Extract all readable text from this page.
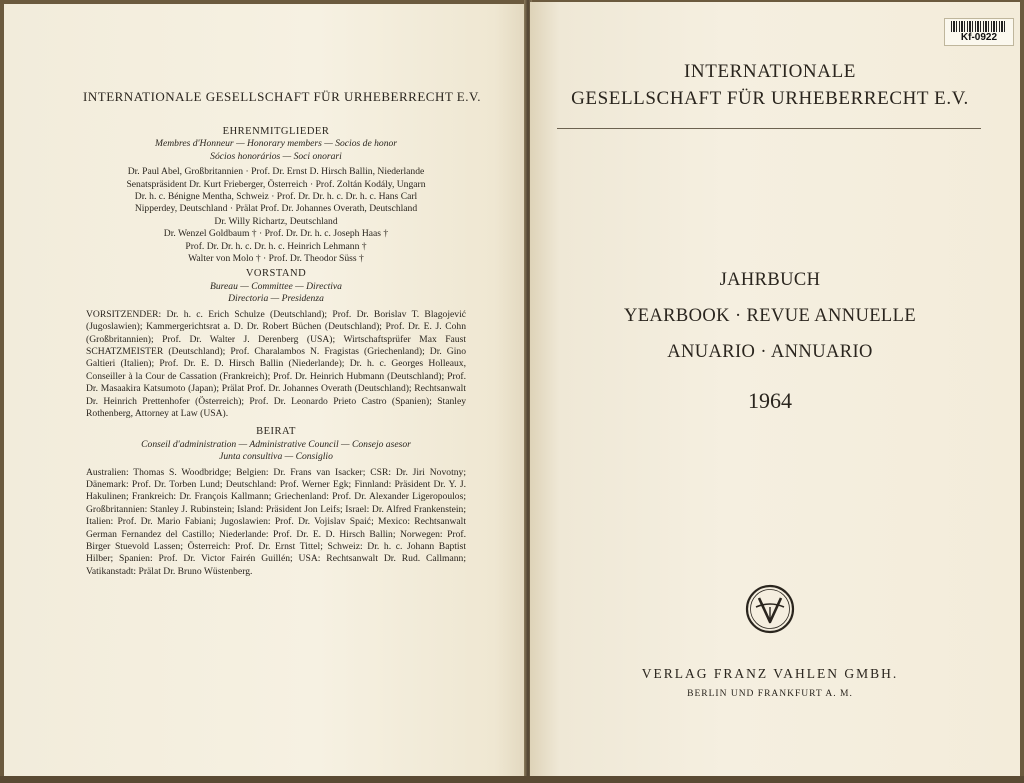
INTERNATIONALE GESELLSCHAFT FÜR URHEBERRECHT E.V.
EHRENMITGLIEDER
Membres d'Honneur — Honorary members — Socios de honor
Sócios honorários — Soci onorari
Dr. Paul Abel, Großbritannien · Prof. Dr. Ernst D. Hirsch Ballin, Niederlande
Senatspräsident Dr. Kurt Frieberger, Österreich · Prof. Zoltán Kodály, Ungarn
Dr. h. c. Bénigne Mentha, Schweiz · Prof. Dr. Dr. h. c. Dr. h. c. Hans Carl
Nipperdey, Deutschland · Prälat Prof. Dr. Johannes Overath, Deutschland
Dr. Willy Richartz, Deutschland
Dr. Wenzel Goldbaum † · Prof. Dr. Dr. h. c. Joseph Haas †
Prof. Dr. Dr. h. c. Dr. h. c. Heinrich Lehmann †
Walter von Molo † · Prof. Dr. Theodor Süss †
VORSTAND
Bureau — Committee — Directiva
Directoria — Presidenza
VORSITZENDER: Dr. h. c. Erich Schulze (Deutschland); Prof. Dr. Borislav T. Blagojević (Jugoslawien); Kammergerichtsrat a. D. Dr. Robert Büchen (Deutschland); Prof. Dr. E. J. Cohn (Großbritannien); Prof. Dr. Walter J. Derenberg (USA); Wirtschaftsprüfer Max Faust SCHATZMEISTER (Deutschland); Prof. Charalambos N. Fragistas (Griechenland); Dr. Gino Galtieri (Italien); Prof. Dr. E. D. Hirsch Ballin (Niederlande); Dr. h. c. Georges Holleaux, Conseiller à la Cour de Cassation (Frankreich); Prof. Dr. Heinrich Hubmann (Deutschland); Prof. Dr. Masaakira Katsumoto (Japan); Prälat Prof. Dr. Johannes Overath (Deutschland); Rechtsanwalt Dr. Heinrich Prettenhofer (Österreich); Prof. Dr. Leonardo Prieto Castro (Spanien); Stanley Rothenberg, Attorney at Law (USA).
BEIRAT
Conseil d'administration — Administrative Council — Consejo asesor
Junta consultiva — Consiglio
Australien: Thomas S. Woodbridge; Belgien: Dr. Frans van Isacker; CSR: Dr. Jiri Novotny; Dänemark: Prof. Dr. Torben Lund; Deutschland: Prof. Werner Egk; Finnland: Präsident Dr. Y. J. Hakulinen; Frankreich: Dr. François Kallmann; Griechenland: Prof. Dr. Alexander Ligeropoulos; Großbritannien: Stanley J. Rubinstein; Island: Präsident Jon Leifs; Israel: Dr. Alfred Frankenstein; Italien: Prof. Dr. Mario Fabiani; Jugoslawien: Prof. Dr. Vojislav Spaić; Mexico: Rechtsanwalt German Fernandez del Castillo; Niederlande: Prof. Dr. E. D. Hirsch Ballin; Norwegen: Prof. Birger Stuevold Lassen; Österreich: Prof. Dr. Ernst Tittel; Schweiz: Dr. h. c. Johann Baptist Hilber; Spanien: Prof. Dr. Victor Fairén Guillén; USA: Rechtsanwalt Dr. Rud. Callmann; Vatikanstadt: Prälat Dr. Bruno Wüstenberg.
INTERNATIONALE
GESELLSCHAFT FÜR URHEBERRECHT E.V.
JAHRBUCH
YEARBOOK · REVUE ANNUELLE
ANUARIO · ANNUARIO
1964
VERLAG FRANZ VAHLEN GMBH.
BERLIN UND FRANKFURT A. M.
Kf-0922
